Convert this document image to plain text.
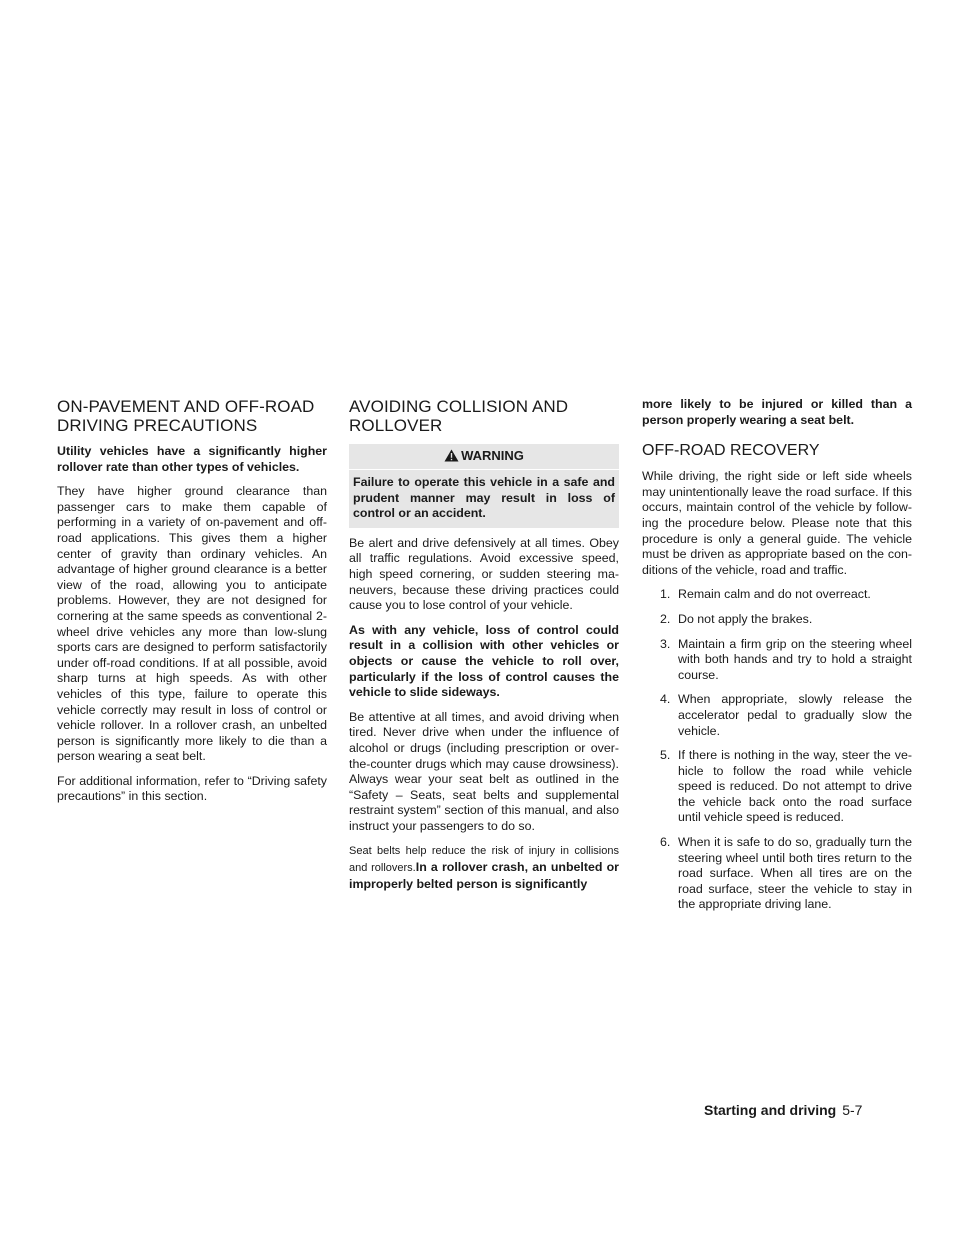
ON-PAVEMENT AND OFF-ROAD DRIVING PRECAUTIONS

Utility vehicles have a significantly higher rollover rate than other types of vehicles.

They have higher ground clearance than passenger cars to make them capable of performing in a variety of on-pavement and off-road applications. This gives them a higher center of gravity than ordinary vehicles. An advantage of higher ground clearance is a better view of the road, allowing you to anticipate problems. However, they are not designed for cornering at the same speeds as conventional 2-wheel drive vehicles any more than low-slung sports cars are designed to perform satisfactorily under off-road conditions. If at all possible, avoid sharp turns at high speeds. As with other vehicles of this type, failure to operate this vehicle correctly may result in loss of control or vehicle rollover. In a rollover crash, an unbelted person is significantly more likely to die than a person wearing a seat belt.

For additional information, refer to “Driving safety precautions” in this section.

AVOIDING COLLISION AND ROLLOVER
WARNING
Failure to operate this vehicle in a safe and prudent manner may result in loss of control or an accident.

Be alert and drive defensively at all times. Obey all traffic regulations. Avoid excessive speed, high speed cornering, or sudden steering maneuvers, because these driving practices could cause you to lose control of your vehicle.

As with any vehicle, loss of control could result in a collision with other vehicles or objects or cause the vehicle to roll over, particularly if the loss of control causes the vehicle to slide sideways.

Be attentive at all times, and avoid driving when tired. Never drive when under the influence of alcohol or drugs (including prescription or over-the-counter drugs which may cause drowsiness). Always wear your seat belt as outlined in the “Safety – Seats, seat belts and supplemental restraint system” section of this manual, and also instruct your passengers to do so.

Seat belts help reduce the risk of injury in collisions and rollovers.In a rollover crash, an unbelted or improperly belted person is significantly

more likely to be injured or killed than a person properly wearing a seat belt.

OFF-ROAD RECOVERY

While driving, the right side or left side wheels may unintentionally leave the road surface. If this occurs, maintain control of the vehicle by following the procedure below. Please note that this procedure is only a general guide. The vehicle must be driven as appropriate based on the conditions of the vehicle, road and traffic.

1. Remain calm and do not overreact.
2. Do not apply the brakes.
3. Maintain a firm grip on the steering wheel with both hands and try to hold a straight course.
4. When appropriate, slowly release the accelerator pedal to gradually slow the vehicle.
5. If there is nothing in the way, steer the vehicle to follow the road while vehicle speed is reduced. Do not attempt to drive the vehicle back onto the road surface until vehicle speed is reduced.
6. When it is safe to do so, gradually turn the steering wheel until both tires return to the road surface. When all tires are on the road surface, steer the vehicle to stay in the appropriate driving lane.
Starting and driving 5-7
